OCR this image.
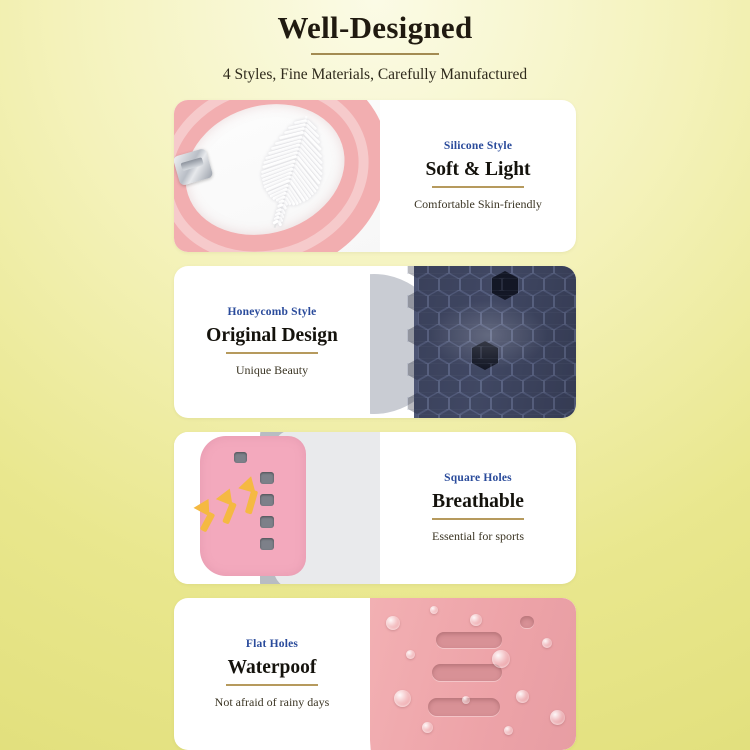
Well-Designed
4 Styles, Fine Materials, Carefully Manufactured
Silicone Style
Soft & Light
Comfortable Skin-friendly
Honeycomb Style
Original Design
Unique Beauty
Square Holes
Breathable
Essential for sports
Flat Holes
Waterpoof
Not afraid of rainy days
